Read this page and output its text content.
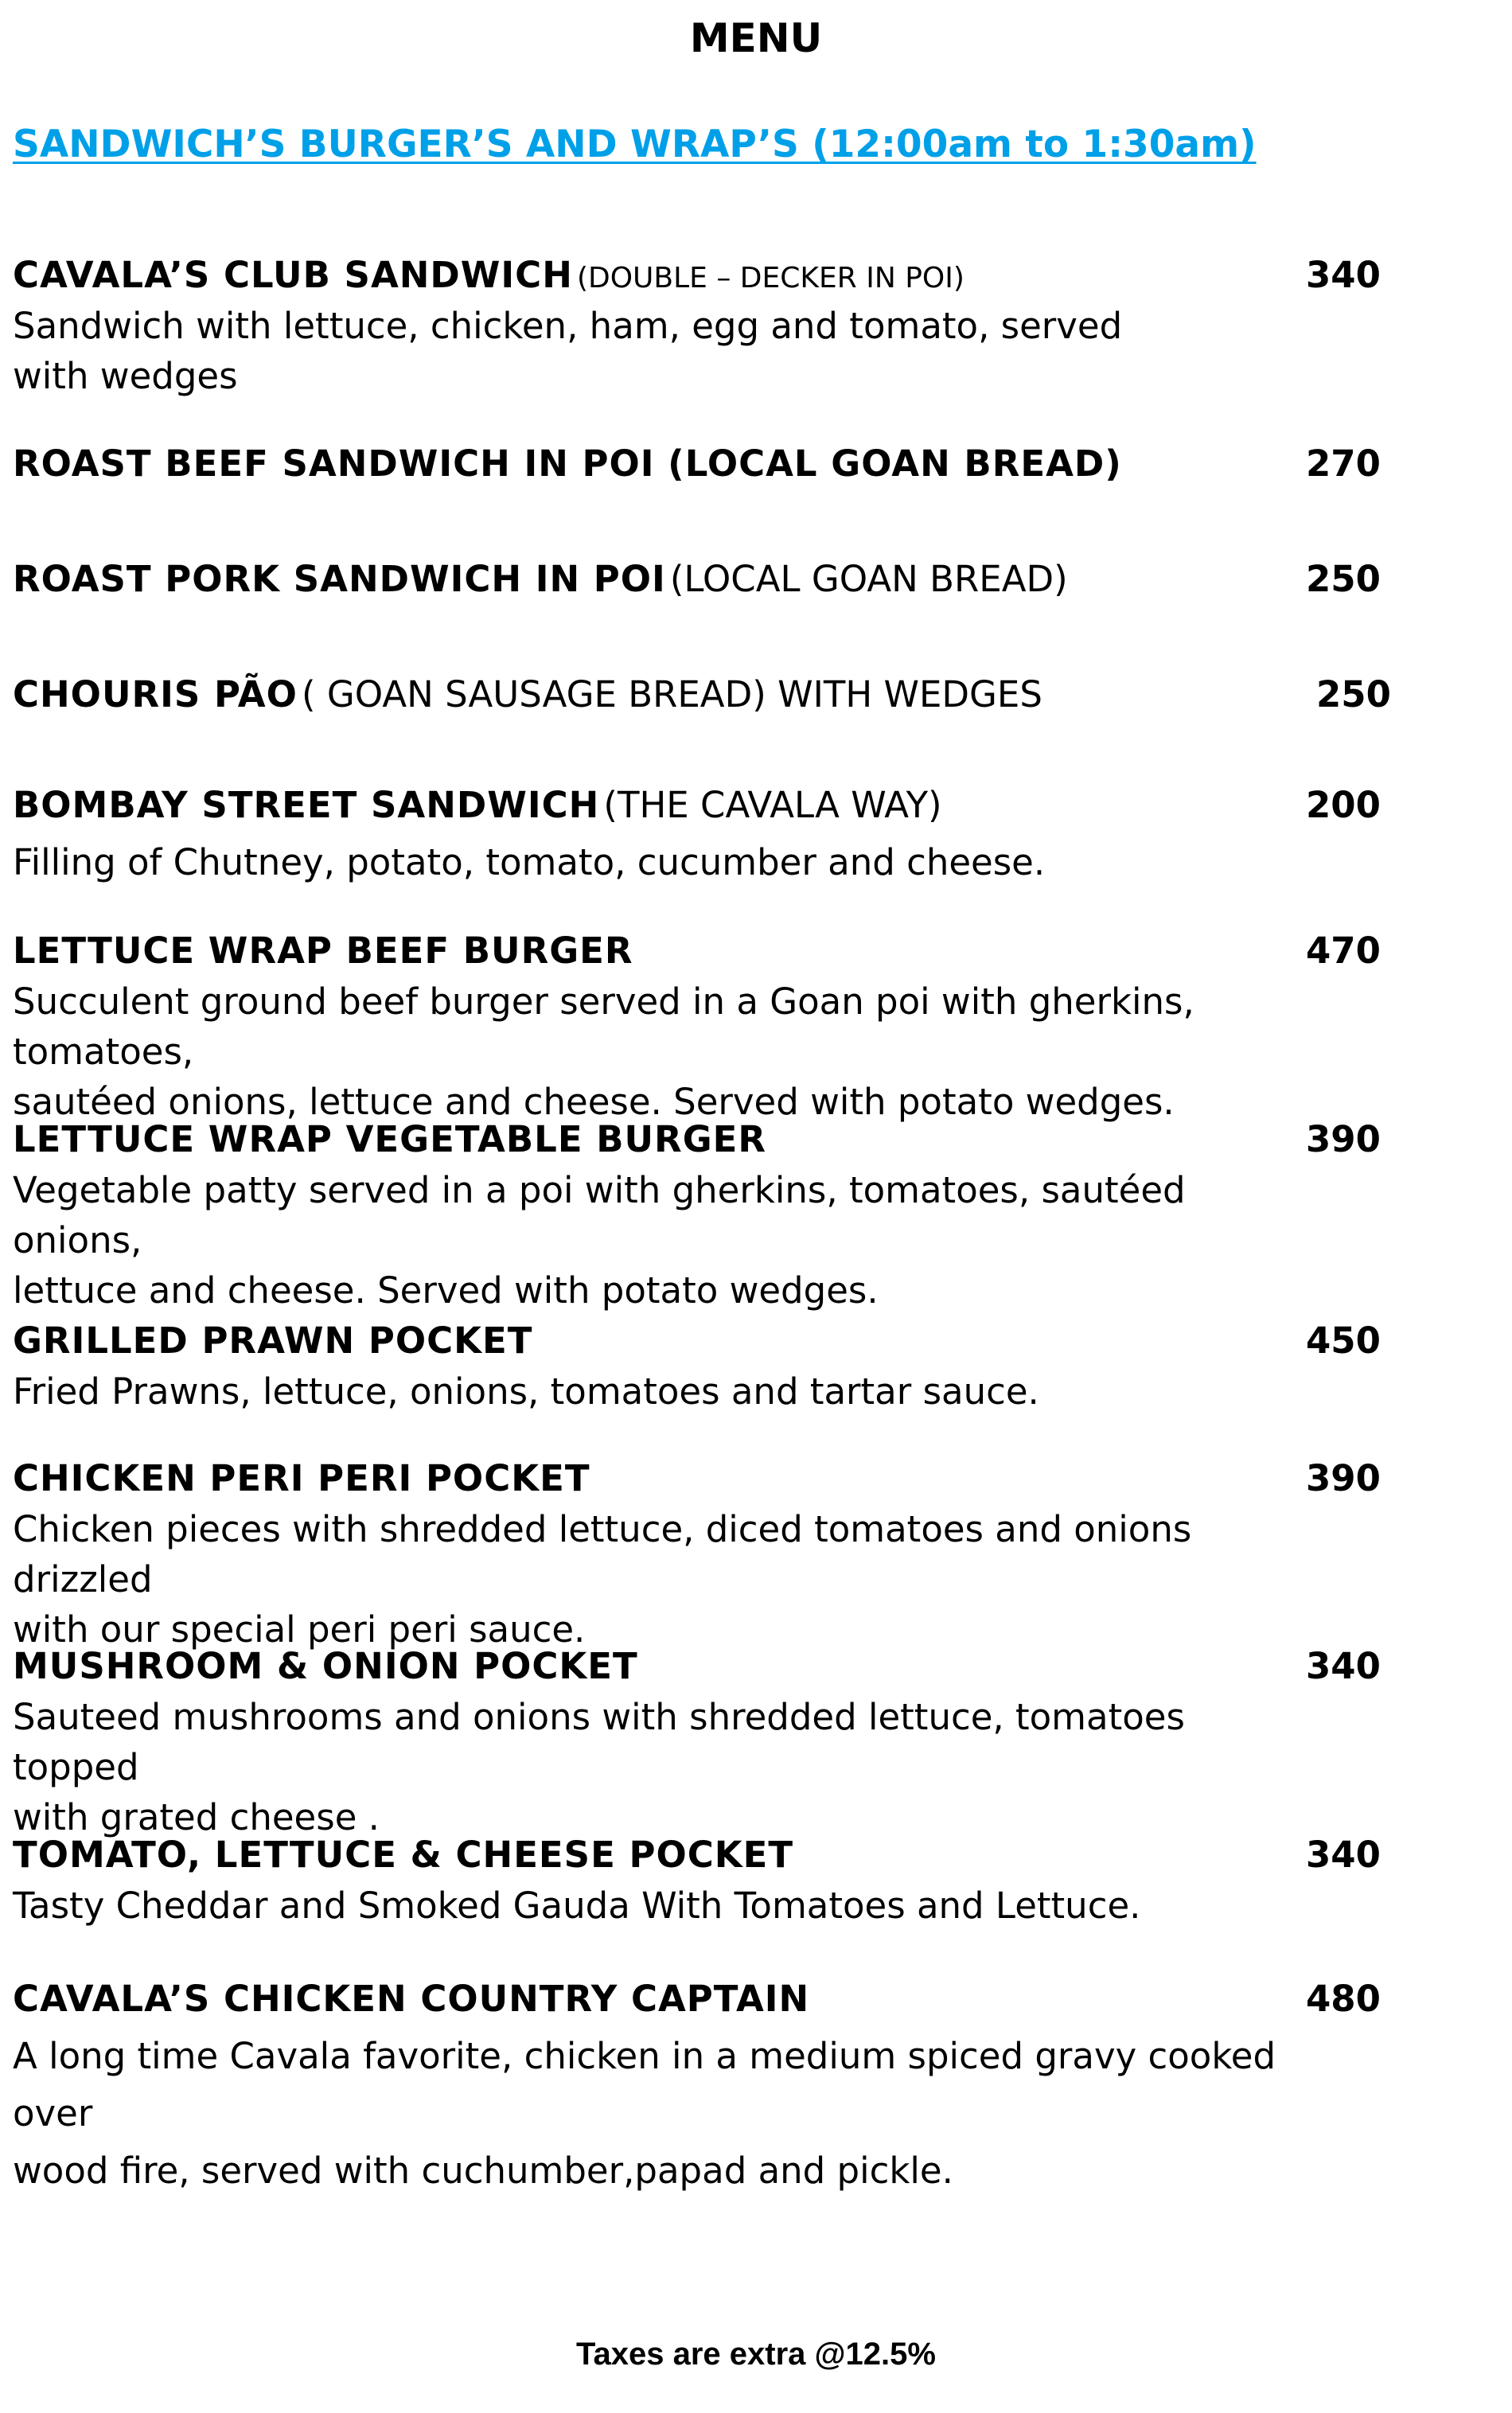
MENU
SANDWICH’S BURGER’S AND WRAP’S (12:00am to 1:30am)
CAVALA’S CLUB SANDWICH (DOUBLE – DECKER IN POI)	340
Sandwich with lettuce, chicken, ham, egg and tomato, served
with wedges
ROAST BEEF SANDWICH IN POI (LOCAL GOAN BREAD)	270
ROAST PORK SANDWICH IN POI (LOCAL GOAN BREAD)	250
CHOURIS PÃO ( GOAN SAUSAGE BREAD) WITH WEDGES	250
BOMBAY STREET SANDWICH (THE CAVALA WAY)	200
Filling of Chutney, potato, tomato, cucumber and cheese.
LETTUCE WRAP BEEF BURGER	470
Succulent ground beef burger served in a Goan poi with gherkins, tomatoes,
sautéed onions, lettuce and cheese. Served with potato wedges.
LETTUCE WRAP VEGETABLE BURGER	390
Vegetable patty served in a poi with gherkins, tomatoes, sautéed onions,
lettuce and cheese. Served with potato wedges.
GRILLED PRAWN POCKET	450
Fried Prawns, lettuce, onions, tomatoes and tartar sauce.
CHICKEN PERI PERI POCKET	390
Chicken pieces with shredded lettuce, diced tomatoes and onions drizzled
with our special peri peri sauce.
MUSHROOM & ONION POCKET	340
Sauteed mushrooms and onions with shredded lettuce, tomatoes topped
with grated cheese .
TOMATO, LETTUCE & CHEESE POCKET	340
Tasty Cheddar and Smoked Gauda With Tomatoes and Lettuce.
CAVALA’S CHICKEN COUNTRY CAPTAIN	480
A long time Cavala favorite, chicken in a medium spiced gravy cooked over
wood fire, served with cuchumber,papad and pickle.
Taxes are extra @12.5%
